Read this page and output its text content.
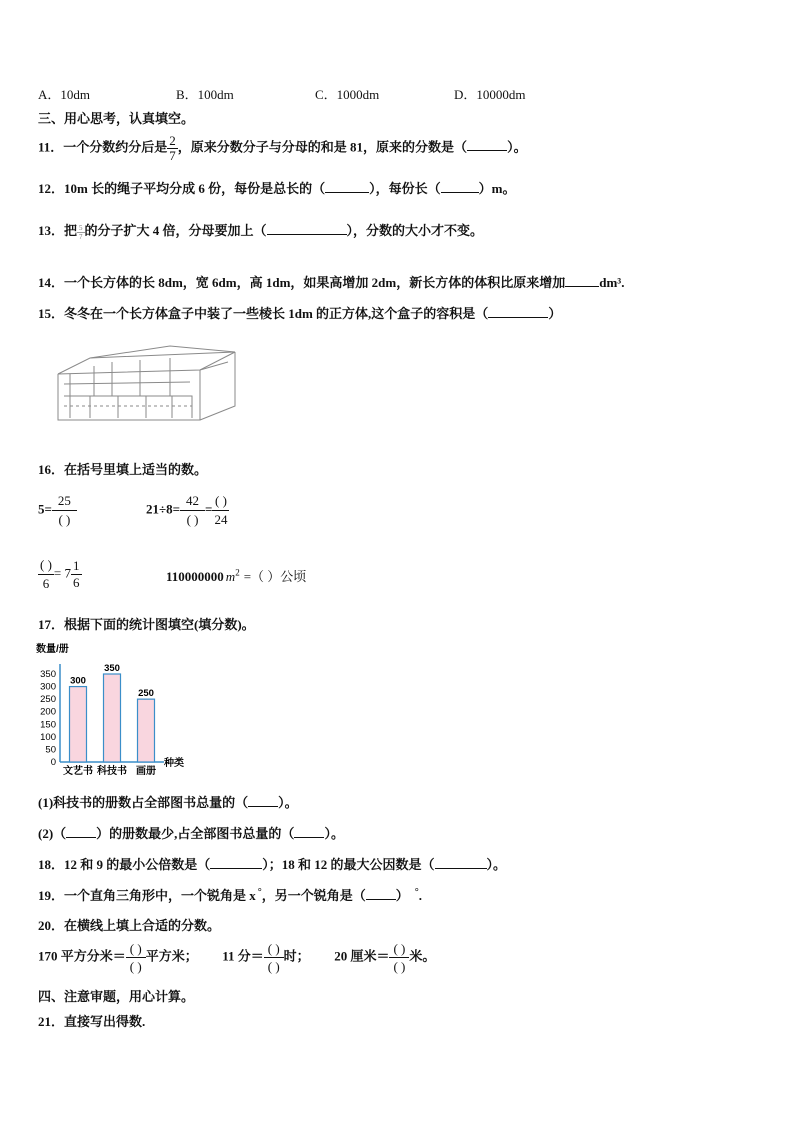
A．10dm	B．100dm	C．1000dm	D．10000dm
三、用心思考，认真填空。
11．一个分数约分后是 $\frac{2}{7}$ ，原来分数分子与分母的和是 81，原来的分数是（	）。
12．10m 长的绳子平均分成 6 份，每份是总长的（	），每份长（	）m。
13．把 $\frac{5}{7}$ 的分子扩大 4 倍，分母要加上（	），分数的大小才不变。
14．一个长方体的长 8dm，宽 6dm，高 1dm，如果高增加 2dm，新长方体的体积比原来增加	dm³.
15．冬冬在一个长方体盒子中装了一些棱长 1dm 的正方体,这个盒子的容积是（	）
16．在括号里填上适当的数。
$5= \frac{25}{( )}$	$21\div 8= \frac{42}{( )} = \frac{( )}{24}$
$\frac{( )}{6} = 7 \frac{1}{6}$	110000000 $m^2$ =（ ）公顷
17．根据下面的统计图填空(填分数)。
数量/册
350
300
250
200
150
100
50
0
300
350
250
文艺书 科技书 画册
种类
(1)科技书的册数占全部图书总量的（ ）。
(2)（ ）的册数最少,占全部图书总量的（ ）。
18．12 和 9 的最小公倍数是（	）；18 和 12 的最大公因数是（	）。
19．一个直角三角形中，一个锐角是 x °，另一个锐角是（ ） °.
20．在横线上填上合适的分数。
170 平方分米＝ $\frac{( )}{( )}$ 平方米； 11 分＝ $\frac{( )}{( )}$ 时； 20 厘米＝ $\frac{( )}{( )}$ 米。
四、注意审题，用心计算。
21．直接写出得数.
